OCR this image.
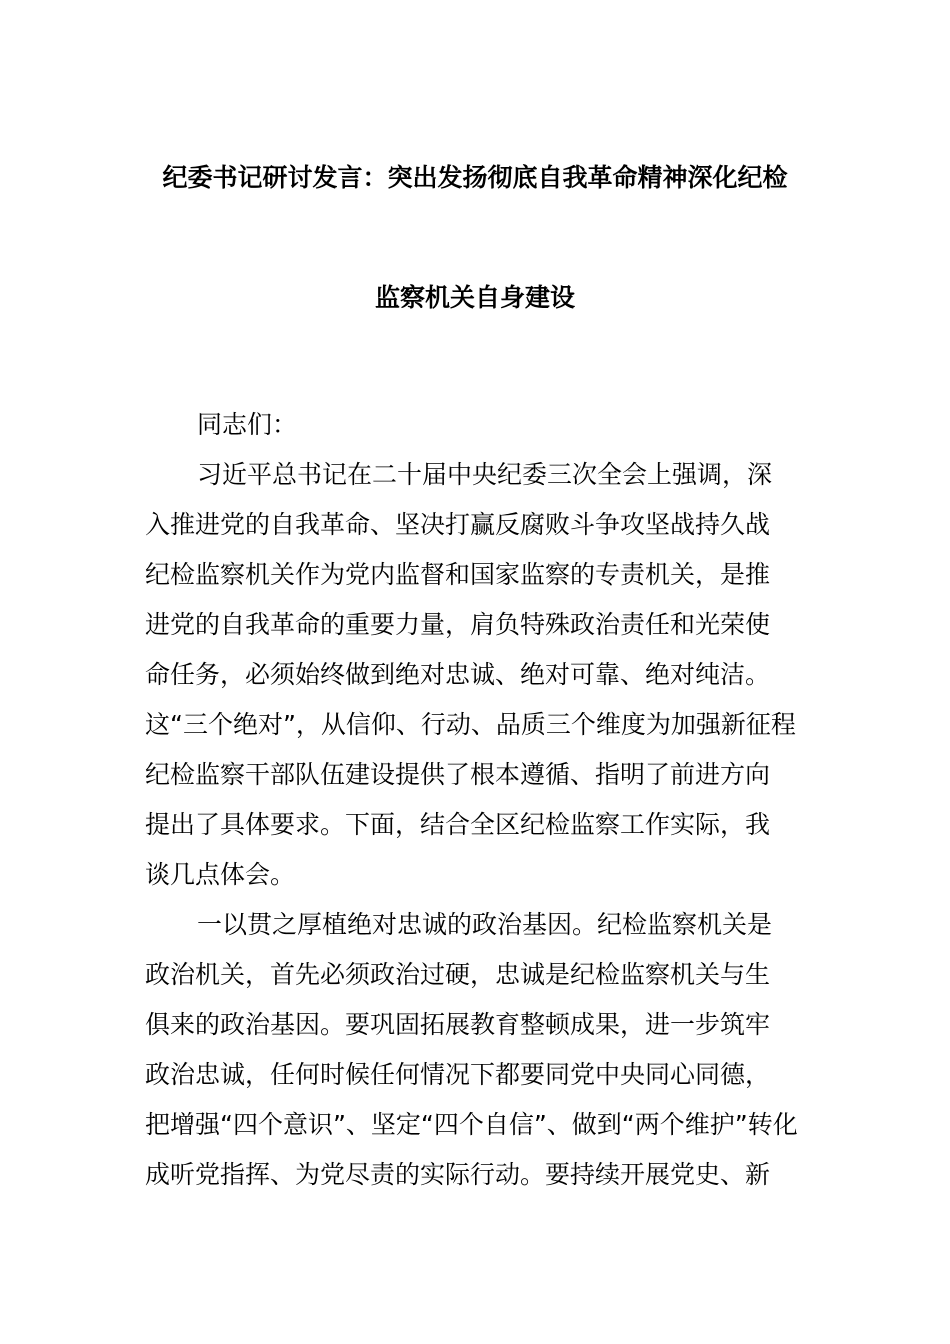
纪委书记研讨发言：突出发扬彻底自我革命精神深化纪检
监察机关自身建设
同志们：
习近平总书记在二十届中央纪委三次全会上强调，深
入推进党的自我革命、坚决打赢反腐败斗争攻坚战持久战
纪检监察机关作为党内监督和国家监察的专责机关，是推
进党的自我革命的重要力量，肩负特殊政治责任和光荣使
命任务，必须始终做到绝对忠诚、绝对可靠、绝对纯洁。
这“三个绝对”，从信仰、行动、品质三个维度为加强新征程
纪检监察干部队伍建设提供了根本遵循、指明了前进方向
提出了具体要求。下面，结合全区纪检监察工作实际，我
谈几点体会。
一以贯之厚植绝对忠诚的政治基因。纪检监察机关是
政治机关，首先必须政治过硬，忠诚是纪检监察机关与生
俱来的政治基因。要巩固拓展教育整顿成果，进一步筑牢
政治忠诚，任何时候任何情况下都要同党中央同心同德，
把增强“四个意识”、坚定“四个自信”、做到“两个维护”转化
成听党指挥、为党尽责的实际行动。要持续开展党史、新
